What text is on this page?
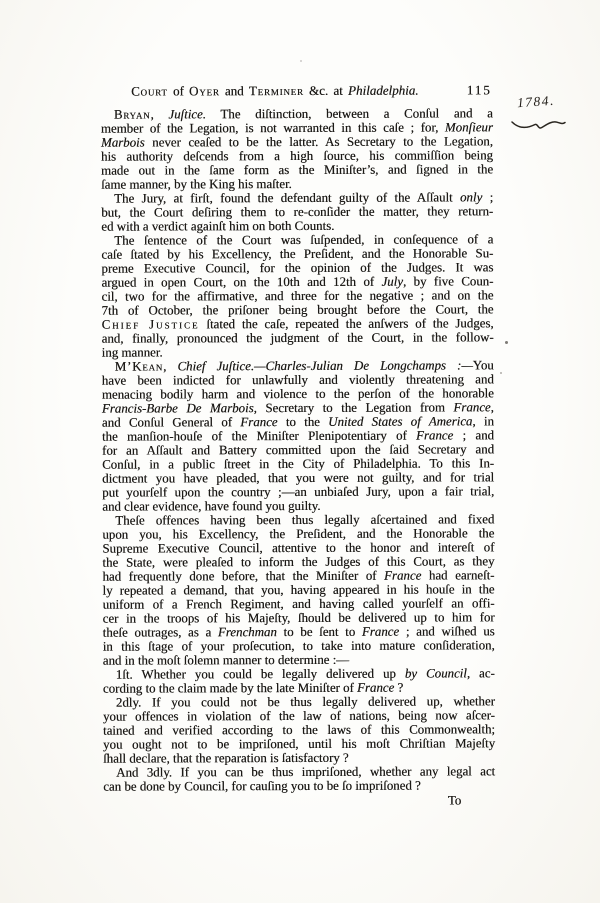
Court of Oyer and Terminer &c. at Philadelphia.	115
Bryan, Juſtice. The diſtinction, between a Conſul and a
member of the Legation, is not warranted in this caſe ; for, Monſieur
Marbois never ceaſed to be the latter. As Secretary to the Legation,
his authority deſcends from a high ſource, his commiſſion being
made out in the ſame form as the Miniſter’s, and ſigned in the
ſame manner, by the King his maſter.
The Jury, at firſt, found the defendant guilty of the Aſſault only ;
but, the Court deſiring them to re-conſider the matter, they return-
ed with a verdict againſt him on both Counts.
The ſentence of the Court was ſuſpended, in conſequence of a
caſe ſtated by his Excellency, the Preſident, and the Honorable Su-
preme Executive Council, for the opinion of the Judges. It was
argued in open Court, on the 10th and 12th of July, by five Coun-
cil, two for the affirmative, and three for the negative ; and on the
7th of October, the priſoner being brought before the Court, the
Chief Justice ſtated the caſe, repeated the anſwers of the Judges,
and, finally, pronounced the judgment of the Court, in the follow-
ing manner.
M’Kean, Chief Juſtice.—Charles-Julian De Longchamps :—You
have been indicted for unlawfully and violently threatening and
menacing bodily harm and violence to the perſon of the honorable
Francis-Barbe De Marbois, Secretary to the Legation from France,
and Conſul General of France to the United States of America, in
the manſion-houſe of the Miniſter Plenipotentiary of France ; and
for an Aſſault and Battery committed upon the ſaid Secretary and
Conſul, in a public ſtreet in the City of Philadelphia. To this In-
dictment you have pleaded, that you were not guilty, and for trial
put yourſelf upon the country ;—an unbiaſed Jury, upon a fair trial,
and clear evidence, have found you guilty.
Theſe offences having been thus legally aſcertained and fixed
upon you, his Excellency, the Preſident, and the Honorable the
Supreme Executive Council, attentive to the honor and intereſt of
the State, were pleaſed to inform the Judges of this Court, as they
had frequently done before, that the Miniſter of France had earneſt-
ly repeated a demand, that you, having appeared in his houſe in the
uniform of a French Regiment, and having called yourſelf an offi-
cer in the troops of his Majeſty, ſhould be delivered up to him for
theſe outrages, as a Frenchman to be ſent to France ; and wiſhed us
in this ſtage of your proſecution, to take into mature conſideration,
and in the moſt ſolemn manner to determine :—
1ſt. Whether you could be legally delivered up by Council, ac-
cording to the claim made by the late Miniſter of France ?
2dly. If you could not be thus legally delivered up, whether
your offences in violation of the law of nations, being now aſcer-
tained and verified according to the laws of this Commonwealth;
you ought not to be impriſoned, until his moſt Chriſtian Majeſty
ſhall declare, that the reparation is ſatisfactory ?
And 3dly. If you can be thus impriſoned, whether any legal act
can be done by Council, for cauſing you to be ſo impriſoned ?
To
1784.
